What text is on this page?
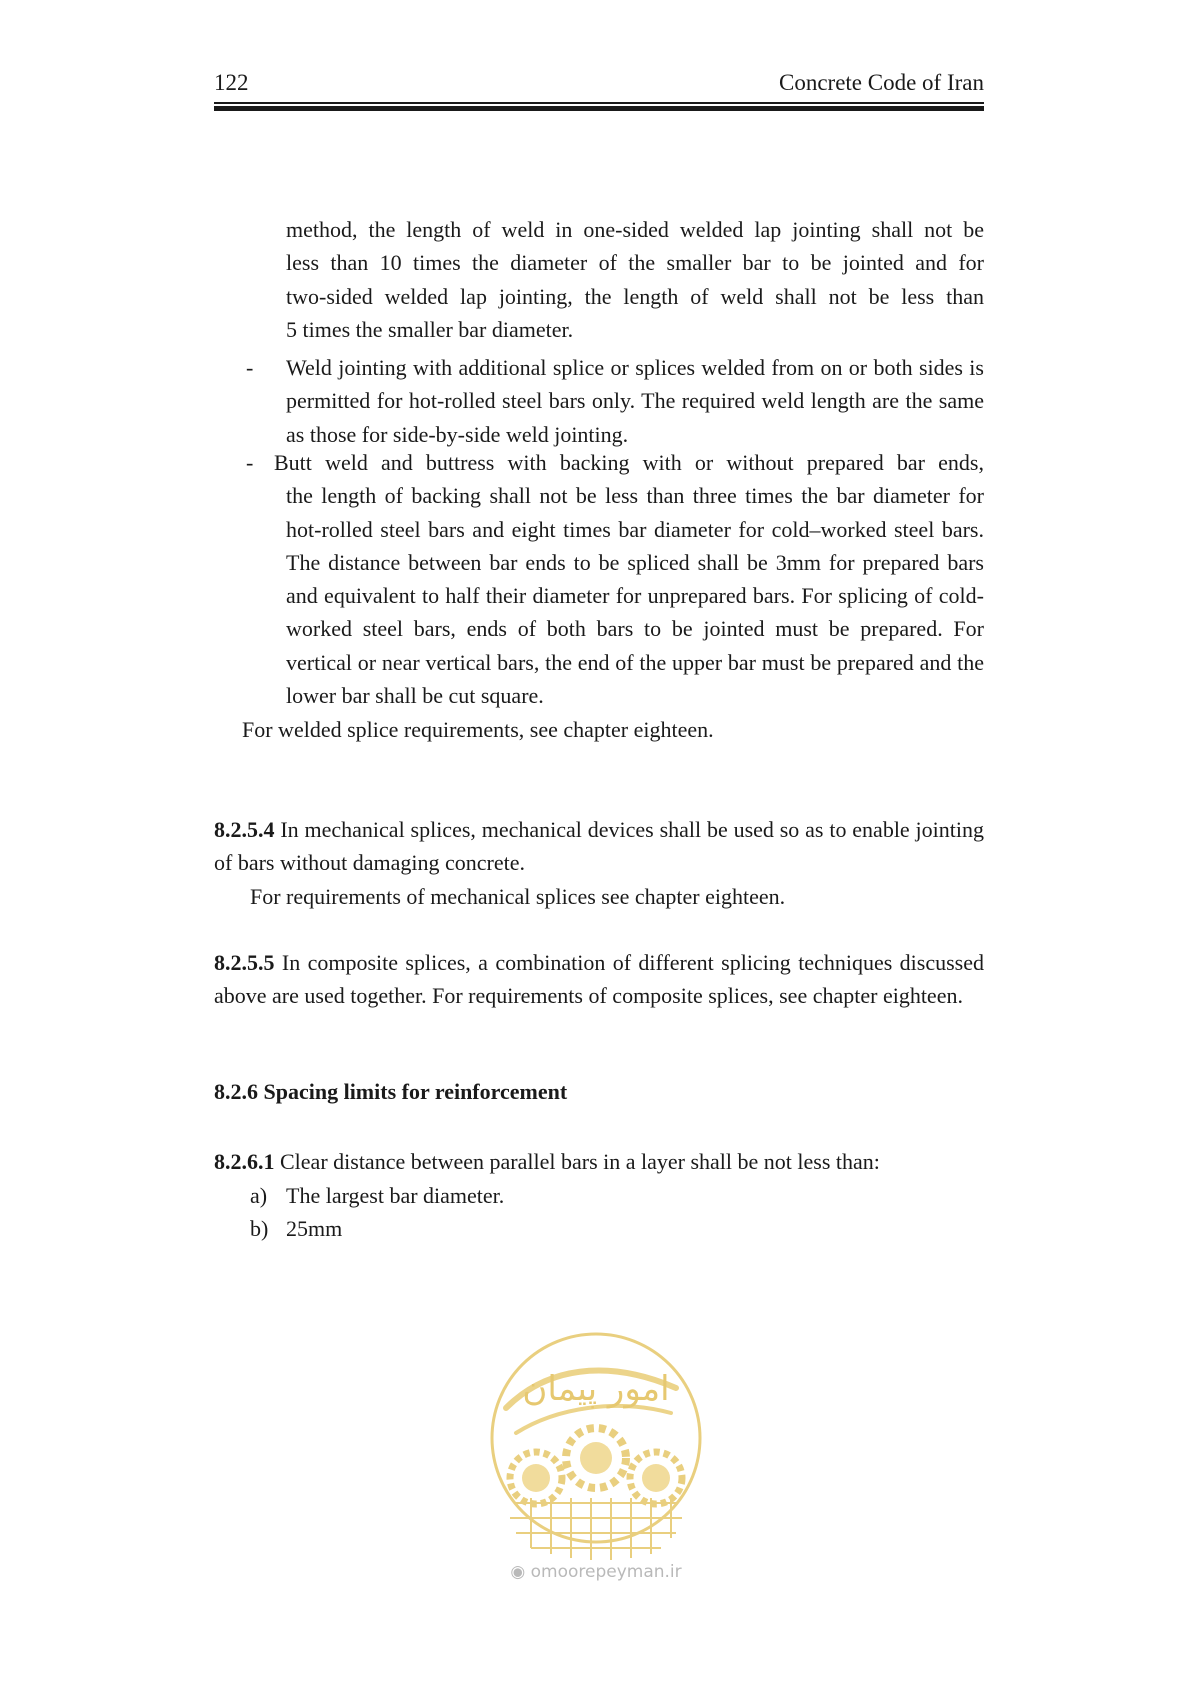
122	Concrete Code of Iran
method, the length of weld in one-sided welded lap jointing shall not be
less than 10 times the diameter of the smaller bar to be jointed and for
two-sided welded lap jointing, the length of weld shall not be less than
5 times the smaller bar diameter.
-	Weld jointing with additional splice or splices welded from on or both sides is permitted for hot-rolled steel bars only. The required weld length are the same as those for side-by-side weld jointing.
- Butt weld and buttress with backing with or without prepared bar ends,
the length of backing shall not be less than three times the bar diameter for hot-rolled steel bars and eight times bar diameter for cold–worked steel bars. The distance between bar ends to be spliced shall be 3mm for prepared bars and equivalent to half their diameter for unprepared bars. For splicing of cold-worked steel bars, ends of both bars to be jointed must be prepared. For vertical or near vertical bars, the end of the upper bar must be prepared and the lower bar shall be cut square.
For welded splice requirements, see chapter eighteen.
8.2.5.4 In mechanical splices, mechanical devices shall be used so as to enable jointing of bars without damaging concrete.
For requirements of mechanical splices see chapter eighteen.
8.2.5.5 In composite splices, a combination of different splicing techniques discussed above are used together. For requirements of composite splices, see chapter eighteen.
8.2.6 Spacing limits for reinforcement
8.2.6.1 Clear distance between parallel bars in a layer shall be not less than:
a) The largest bar diameter.
b) 25mm
امور پیمان
◉ omoorepeyman.ir
